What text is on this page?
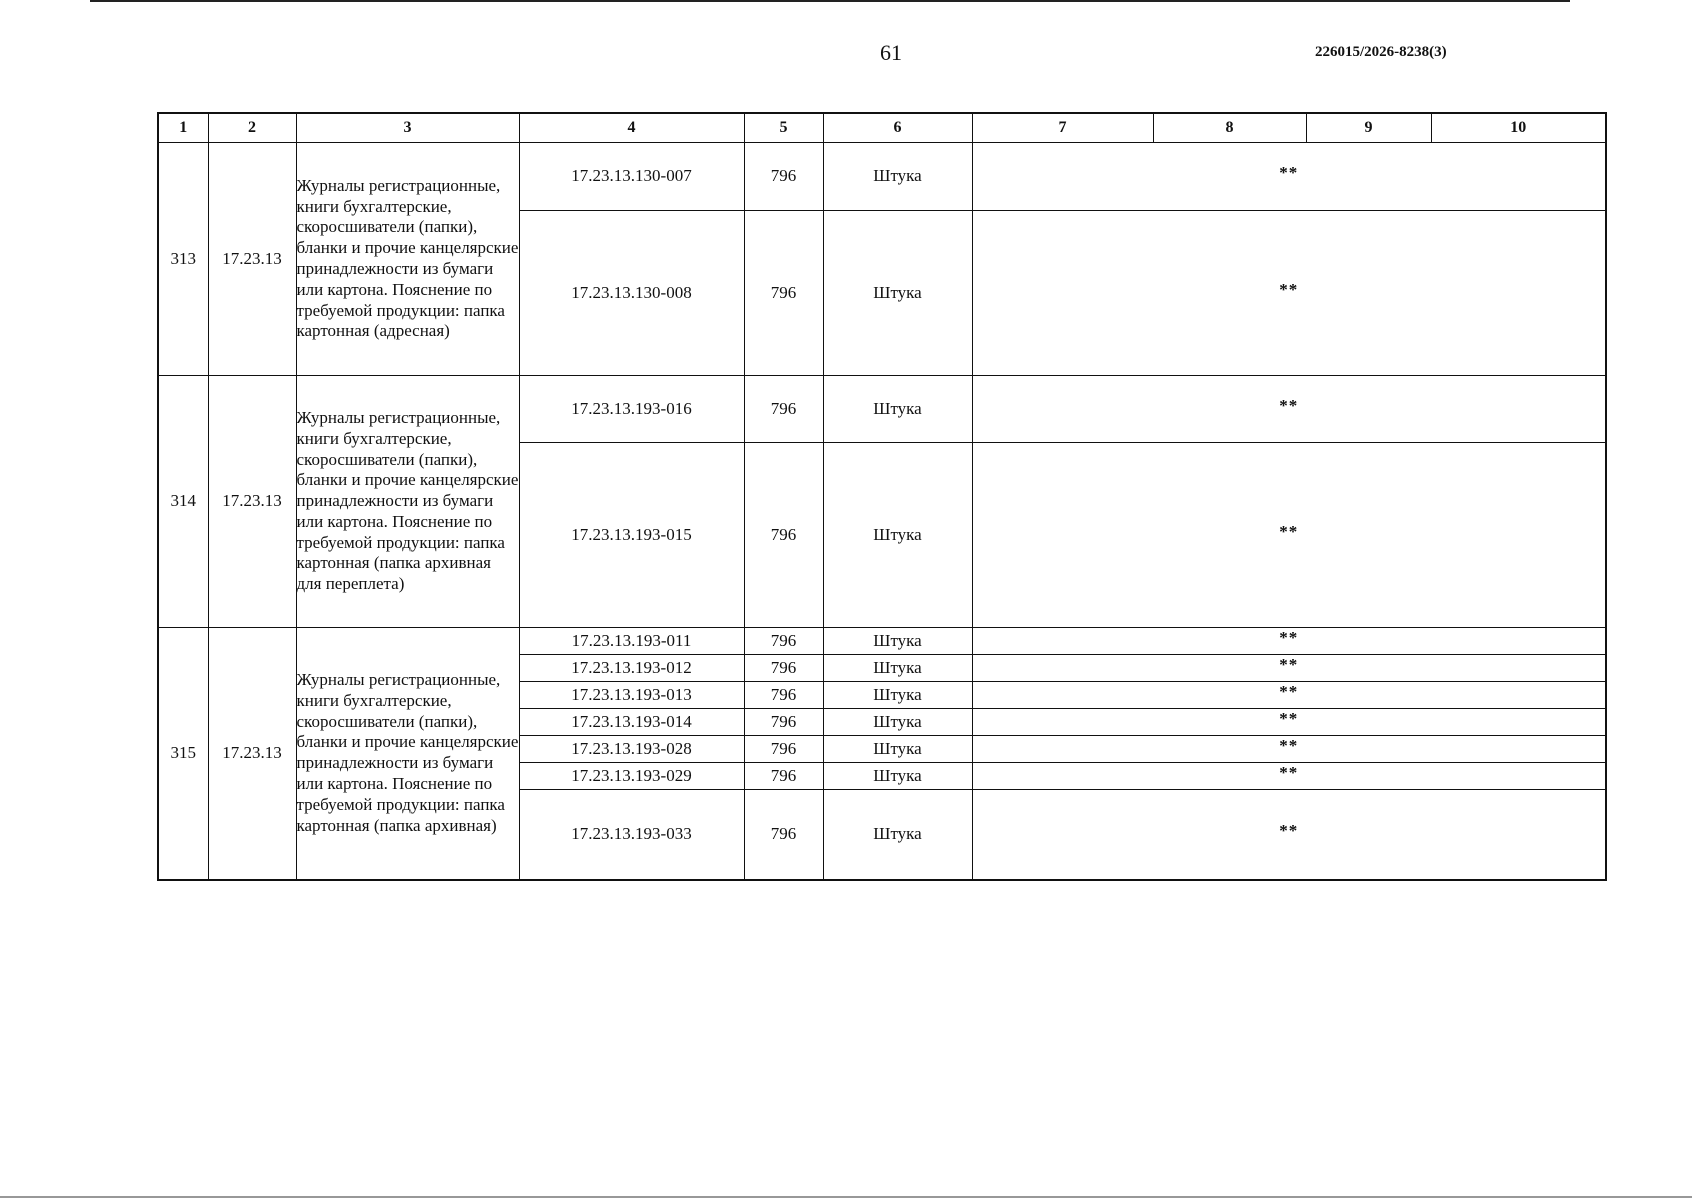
61	226015/2026-8238(3)
1	2	3	4	5	6	7	8	9	10
313	17.23.13	Журналы регистрационные, книги бухгалтерские, скоросшиватели (папки), бланки и прочие канцелярские принадлежности из бумаги или картона. Пояснение по требуемой продукции: папка картонная (адресная)	17.23.13.130-007	796	Штука	**			
			17.23.13.130-008	796	Штука	**			
314	17.23.13	Журналы регистрационные, книги бухгалтерские, скоросшиватели (папки), бланки и прочие канцелярские принадлежности из бумаги или картона. Пояснение по требуемой продукции: папка картонная (папка архивная для переплета)	17.23.13.193-016	796	Штука	**			
			17.23.13.193-015	796	Штука	**			
315	17.23.13	Журналы регистрационные, книги бухгалтерские, скоросшиватели (папки), бланки и прочие канцелярские принадлежности из бумаги или картона. Пояснение по требуемой продукции: папка картонная (папка архивная)	17.23.13.193-011	796	Штука	**			
			17.23.13.193-012	796	Штука	**			
			17.23.13.193-013	796	Штука	**			
			17.23.13.193-014	796	Штука	**			
			17.23.13.193-028	796	Штука	**			
			17.23.13.193-029	796	Штука	**			
			17.23.13.193-033	796	Штука	**			
